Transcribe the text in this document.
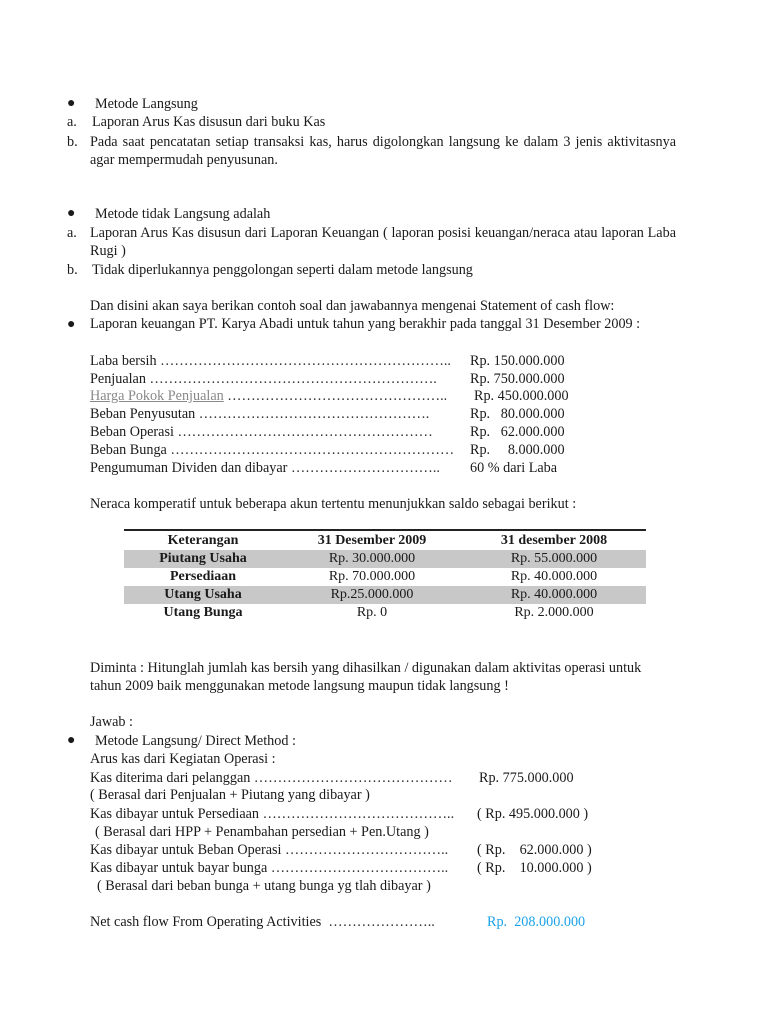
● Metode Langsung
a. Laporan Arus Kas disusun dari buku Kas
b. Pada saat pencatatan setiap transaksi kas, harus digolongkan langsung ke dalam 3 jenis aktivitasnya agar mempermudah penyusunan.
● Metode tidak Langsung adalah
a. Laporan Arus Kas disusun dari Laporan Keuangan ( laporan posisi keuangan/neraca atau laporan Laba Rugi )
b. Tidak diperlukannya penggolongan seperti dalam metode langsung
Dan disini akan saya berikan contoh soal dan jawabannya mengenai Statement of cash flow:
● Laporan keuangan PT. Karya Abadi untuk tahun yang berakhir pada tanggal 31 Desember 2009 :
Laba bersih …………………………………………………….. Rp. 150.000.000
Penjualan ……………………………………………………. Rp. 750.000.000
Harga Pokok Penjualan ……………………………………….. Rp. 450.000.000
Beban Penyusutan ………………………………………….	Rp.   80.000.000
Beban Operasi ………………………………………………	Rp.   62.000.000
Beban Bunga …………………………………………………… Rp.     8.000.000
Pengumuman Dividen dan dibayar ………………………….. 60 % dari Laba
Neraca komperatif untuk beberapa akun tertentu menunjukkan saldo sebagai berikut :
Keterangan	31 Desember 2009	31 desember 2008
Piutang Usaha	Rp. 30.000.000	Rp. 55.000.000
Persediaan	Rp. 70.000.000	Rp. 40.000.000
Utang Usaha	Rp.25.000.000	Rp. 40.000.000
Utang Bunga	Rp. 0	Rp. 2.000.000
Diminta : Hitunglah jumlah kas bersih yang dihasilkan / digunakan dalam aktivitas operasi untuk tahun 2009 baik menggunakan metode langsung maupun tidak langsung !
Jawab :
● Metode Langsung/ Direct Method :
Arus kas dari Kegiatan Operasi :
Kas diterima dari pelanggan …………………………………… Rp. 775.000.000
( Berasal dari Penjualan + Piutang yang dibayar )
Kas dibayar untuk Persediaan ………………………………….. ( Rp. 495.000.000 )
( Berasal dari HPP + Penambahan persedian + Pen.Utang )
Kas dibayar untuk Beban Operasi …………………………….. ( Rp.    62.000.000 )
Kas dibayar untuk bayar bunga ……………………………….. ( Rp.    10.000.000 )
( Berasal dari beban bunga + utang bunga yg tlah dibayar )
Net cash flow From Operating Activities …………………..	Rp.  208.000.000
